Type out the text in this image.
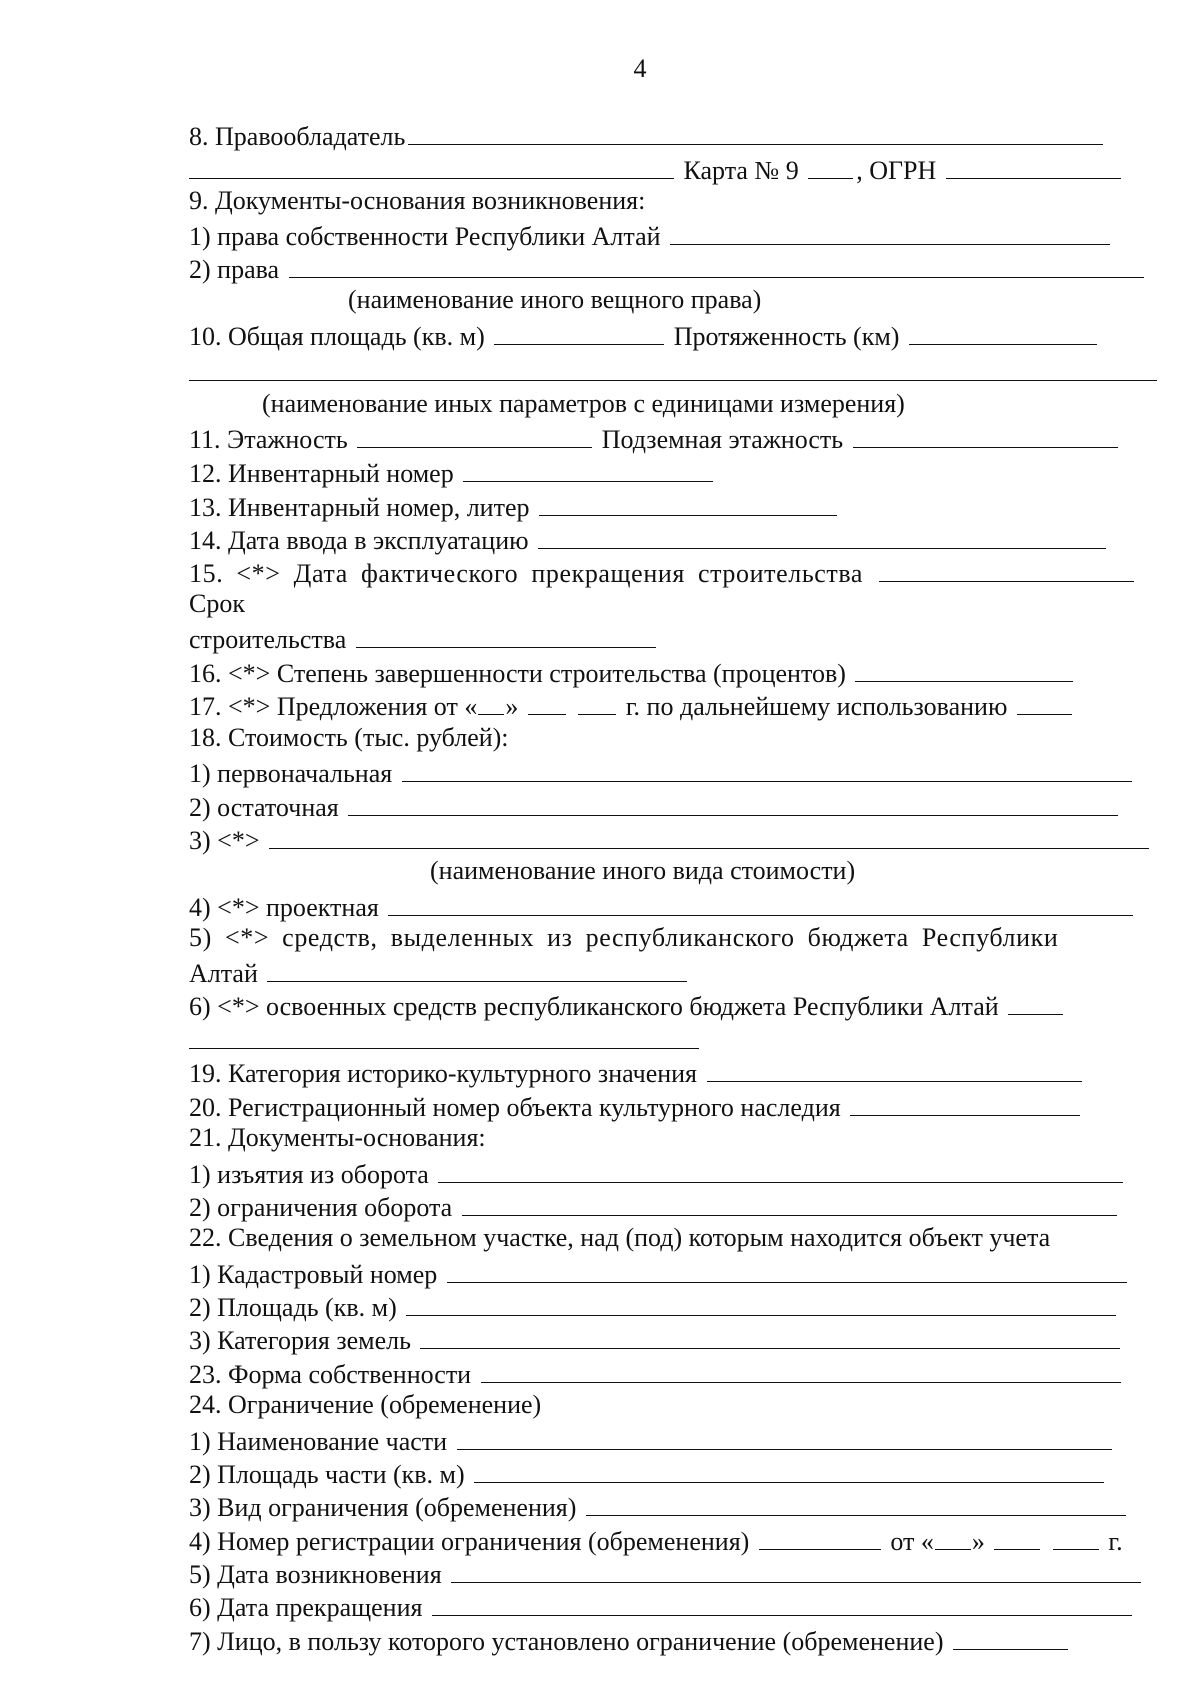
4
8. Правообладатель
Карта № 9 , ОГРН
9. Документы-основания возникновения:
1) права собственности Республики Алтай
2) права
(наименование иного вещного права)
10. Общая площадь (кв. м)	Протяженность (км)
(наименование иных параметров с единицами измерения)
11. Этажность	Подземная этажность
12. Инвентарный номер
13. Инвентарный номер, литер
14. Дата ввода в эксплуатацию
15. <*> Дата фактического прекращения строительства
Срок
строительства
16. <*> Степень завершенности строительства (процентов)
17. <*> Предложения от « »	г. по дальнейшему использованию
18. Стоимость (тыс. рублей):
1) первоначальная
2) остаточная
3) <*>
(наименование иного вида стоимости)
4) <*> проектная
5) <*> средств, выделенных из республиканского бюджета Республики
Алтай
6) <*> освоенных средств республиканского бюджета Республики Алтай
19. Категория историко-культурного значения
20. Регистрационный номер объекта культурного наследия
21. Документы-основания:
1) изъятия из оборота
2) ограничения оборота
22. Сведения о земельном участке, над (под) которым находится объект учета
1) Кадастровый номер
2) Площадь (кв. м)
3) Категория земель
23. Форма собственности
24. Ограничение (обременение)
1) Наименование части
2) Площадь части (кв. м)
3) Вид ограничения (обременения)
4) Номер регистрации ограничения (обременения)	от « »	г.
5) Дата возникновения
6) Дата прекращения
7) Лицо, в пользу которого установлено ограничение (обременение)
